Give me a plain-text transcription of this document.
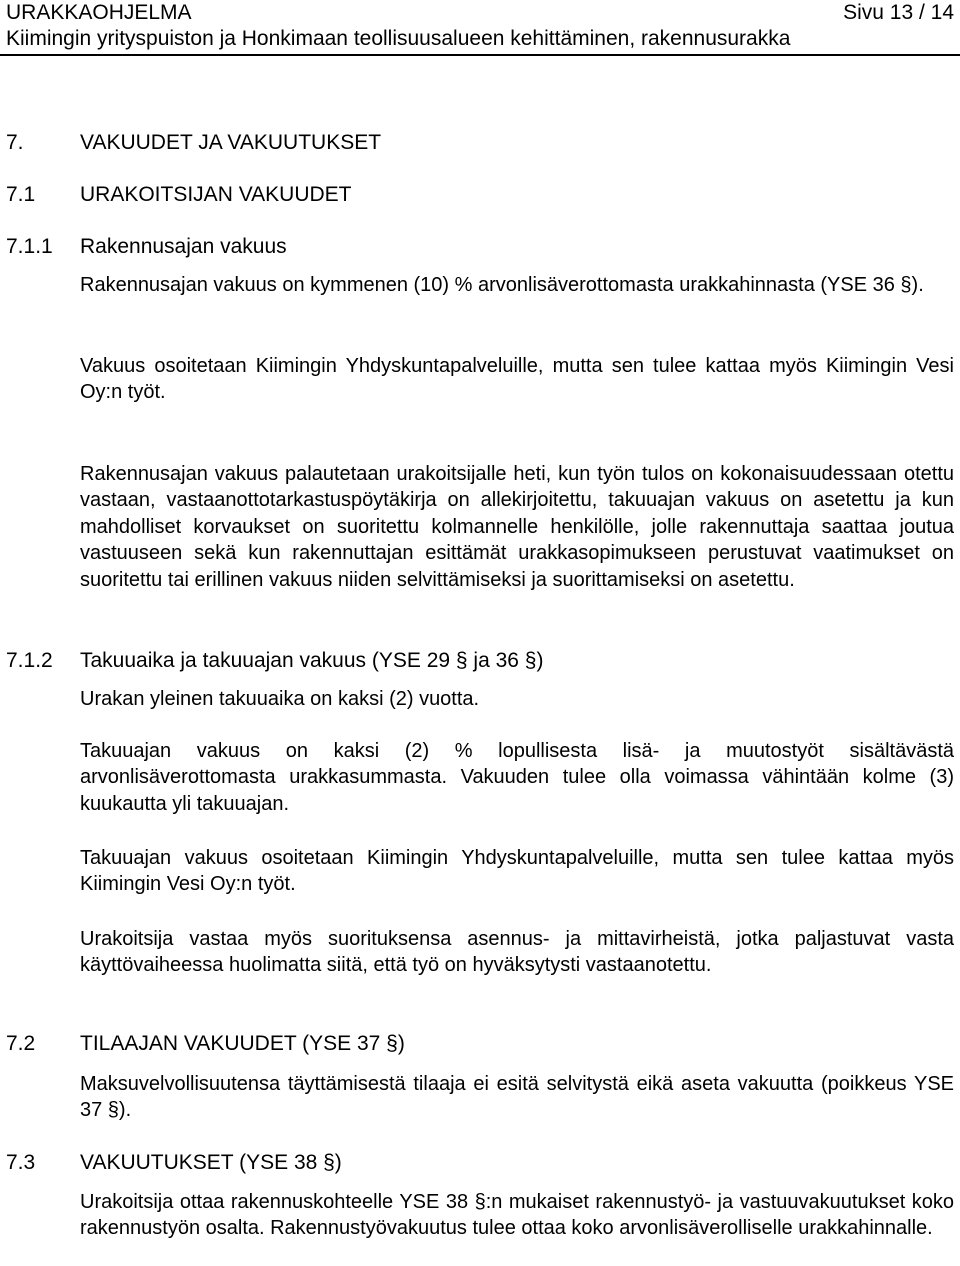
URAKKAOHJELMA	Sivu 13 / 14
Kiimingin yrityspuiston ja Honkimaan teollisuusalueen kehittäminen, rakennusurakka
7.	VAKUUDET JA VAKUUTUKSET
7.1 URAKOITSIJAN VAKUUDET
7.1.1 Rakennusajan vakuus
Rakennusajan vakuus on kymmenen (10) % arvonlisäverottomasta urakkahinnasta (YSE 36 §).
Vakuus osoitetaan Kiimingin Yhdyskuntapalveluille, mutta sen tulee kattaa myös Kiimingin Vesi Oy:n työt.
Rakennusajan vakuus palautetaan urakoitsijalle heti, kun työn tulos on kokonaisuudessaan otettu vastaan, vastaanottotarkastuspöytäkirja on allekirjoitettu, takuuajan vakuus on asetettu ja kun mahdolliset korvaukset on suoritettu kolmannelle henkilölle, jolle rakennuttaja saattaa joutua vastuuseen sekä kun rakennuttajan esittämät urakkasopimukseen perustuvat vaatimukset on suoritettu tai erillinen vakuus niiden selvittämiseksi ja suorittamiseksi on asetettu.
7.1.2 Takuuaika ja takuuajan vakuus (YSE 29 § ja 36 §)
Urakan yleinen takuuaika on kaksi (2) vuotta.
Takuuajan vakuus on kaksi (2) % lopullisesta lisä- ja muutostyöt sisältävästä arvonlisäverottomasta urakkasummasta. Vakuuden tulee olla voimassa vähintään kolme (3) kuukautta yli takuuajan.
Takuuajan vakuus osoitetaan Kiimingin Yhdyskuntapalveluille, mutta sen tulee kattaa myös Kiimingin Vesi Oy:n työt.
Urakoitsija vastaa myös suorituksensa asennus- ja mittavirheistä, jotka paljastuvat vasta käyttövaiheessa huolimatta siitä, että työ on hyväksytysti vastaanotettu.
7.2 TILAAJAN VAKUUDET (YSE 37 §)
Maksuvelvollisuutensa täyttämisestä tilaaja ei esitä selvitystä eikä aseta vakuutta (poikkeus YSE 37 §).
7.3 VAKUUTUKSET (YSE 38 §)
Urakoitsija ottaa rakennuskohteelle YSE 38 §:n mukaiset rakennustyö- ja vastuuvakuutukset koko rakennustyön osalta. Rakennustyövakuutus tulee ottaa koko arvonlisäverolliselle urakkahinnalle.
